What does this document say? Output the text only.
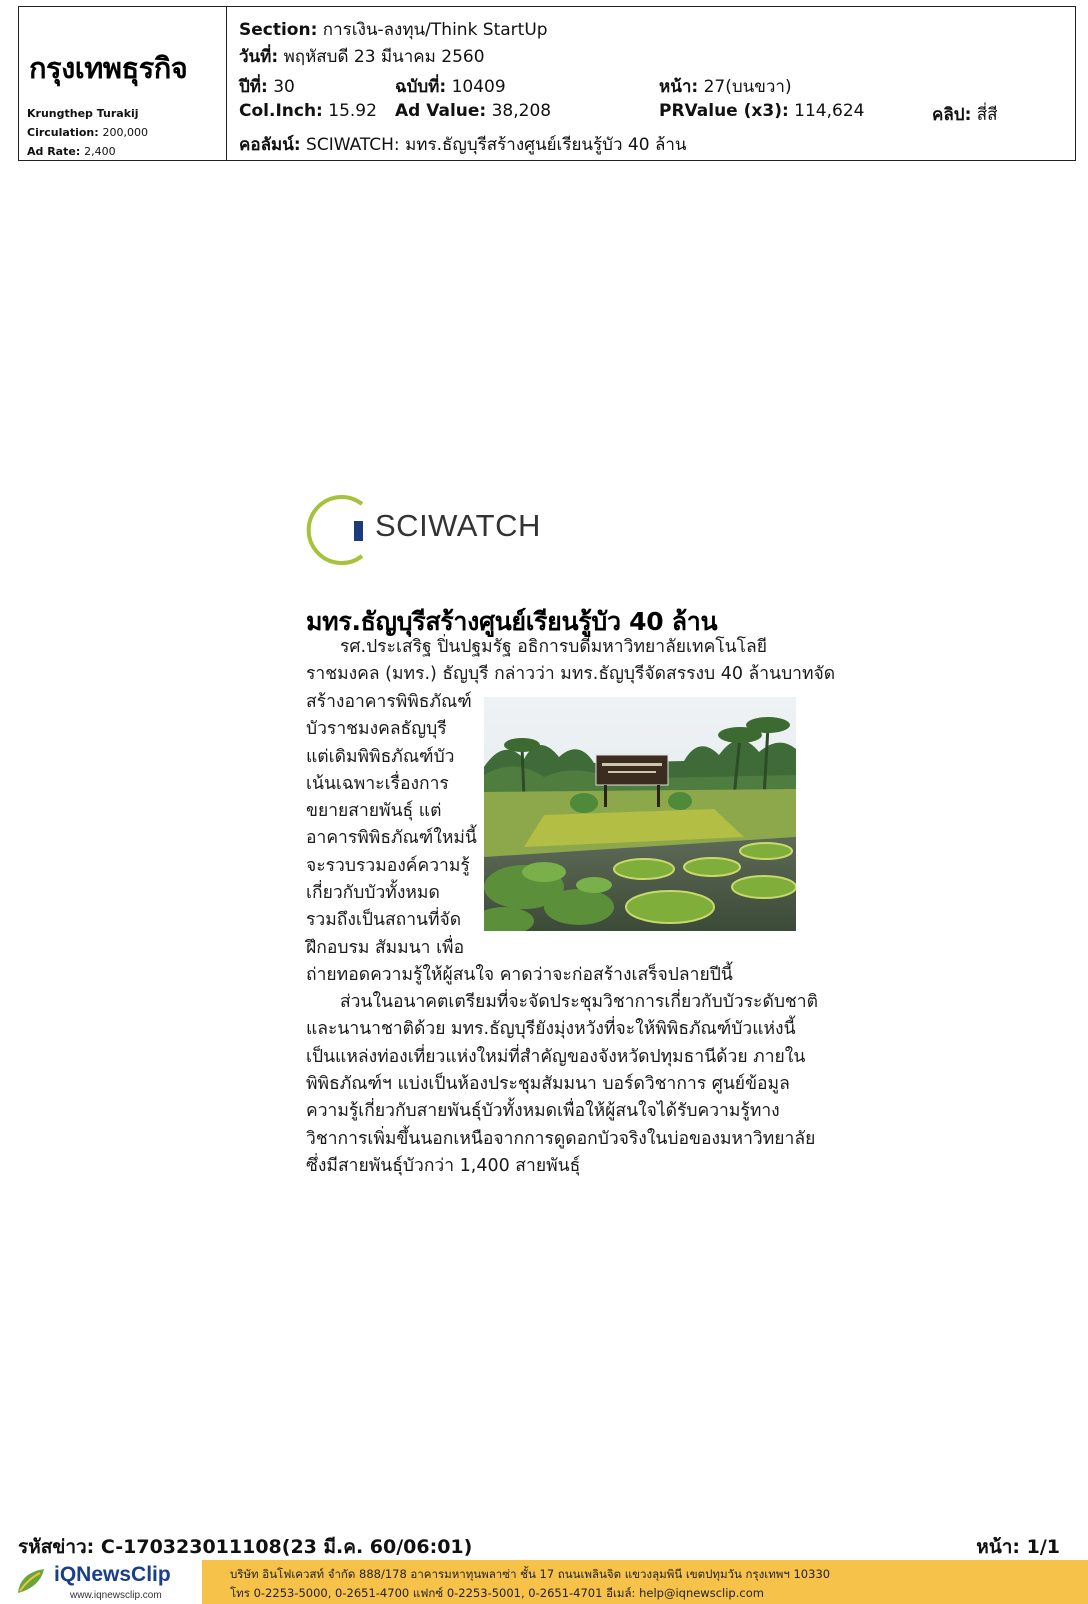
กรุงเทพธุรกิจ
Krungthep Turakij
Circulation: 200,000
Ad Rate: 2,400
Section: การเงิน-ลงทุน/Think StartUp
วันที่: พฤหัสบดี 23 มีนาคม 2560
ปีที่: 30	ฉบับที่: 10409	หน้า: 27(บนขวา)
Col.Inch: 15.92 Ad Value: 38,208	PRValue (x3): 114,624	คลิป: สี่สี
คอลัมน์: SCIWATCH: มทร.ธัญบุรีสร้างศูนย์เรียนรู้บัว 40 ล้าน
SCIWATCH
มทร.ธัญบุรีสร้างศูนย์เรียนรู้บัว 40 ล้าน
รศ.ประเสริฐ ปิ่นปฐมรัฐ อธิการบดีมหาวิทยาลัยเทคโนโลยี
ราชมงคล (มทร.) ธัญบุรี กล่าวว่า มทร.ธัญบุรีจัดสรรงบ 40 ล้านบาทจัด
สร้างอาคารพิพิธภัณฑ์
บัวราชมงคลธัญบุรี
แต่เดิมพิพิธภัณฑ์บัว
เน้นเฉพาะเรื่องการ
ขยายสายพันธุ์ แต่
อาคารพิพิธภัณฑ์ใหม่นี้
จะรวบรวมองค์ความรู้
เกี่ยวกับบัวทั้งหมด
รวมถึงเป็นสถานที่จัด
ฝึกอบรม สัมมนา เพื่อ
ถ่ายทอดความรู้ให้ผู้สนใจ คาดว่าจะก่อสร้างเสร็จปลายปีนี้
ส่วนในอนาคตเตรียมที่จะจัดประชุมวิชาการเกี่ยวกับบัวระดับชาติ
และนานาชาติด้วย มทร.ธัญบุรียังมุ่งหวังที่จะให้พิพิธภัณฑ์บัวแห่งนี้
เป็นแหล่งท่องเที่ยวแห่งใหม่ที่สำคัญของจังหวัดปทุมธานีด้วย ภายใน
พิพิธภัณฑ์ฯ แบ่งเป็นห้องประชุมสัมมนา บอร์ดวิชาการ ศูนย์ข้อมูล
ความรู้เกี่ยวกับสายพันธุ์บัวทั้งหมดเพื่อให้ผู้สนใจได้รับความรู้ทาง
วิชาการเพิ่มขึ้นนอกเหนือจากการดูดอกบัวจริงในบ่อของมหาวิทยาลัย
ซึ่งมีสายพันธุ์บัวกว่า 1,400 สายพันธุ์
รหัสข่าว: C-170323011108(23 มี.ค. 60/06:01)	หน้า: 1/1
iQNewsClip
www.iqnewsclip.com
บริษัท อินโฟเควสท์ จำกัด 888/178 อาคารมหาทุนพลาซ่า ชั้น 17 ถนนเพลินจิต แขวงลุมพินี เขตปทุมวัน กรุงเทพฯ 10330
โทร 0-2253-5000, 0-2651-4700 แฟกซ์ 0-2253-5001, 0-2651-4701 อีเมล์: help@iqnewsclip.com
